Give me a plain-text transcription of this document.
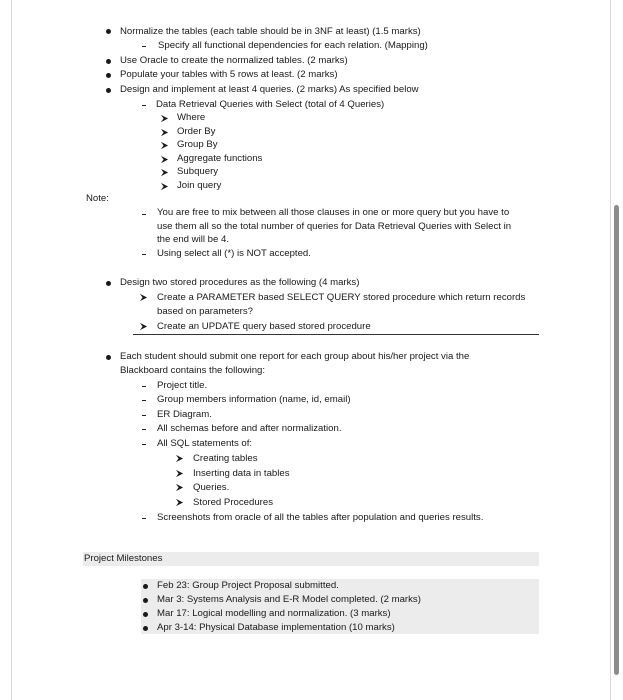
Normalize the tables (each table should be in 3NF at least) (1.5 marks)
Specify all functional dependencies for each relation. (Mapping)
Use Oracle to create the normalized tables. (2 marks)
Populate your tables with 5 rows at least. (2 marks)
Design and implement at least 4 queries. (2 marks) As specified below
Data Retrieval Queries with Select (total of 4 Queries)
Where
Order By
Group By
Aggregate functions
Subquery
Join query
Note:
You are free to mix between all those clauses in one or more query but you have to
use them all so the total number of queries for Data Retrieval Queries with Select in
the end will be 4.
Using select all (*) is NOT accepted.
Design two stored procedures as the following (4 marks)
Create a PARAMETER based SELECT QUERY stored procedure which return records
based on parameters?
Create an UPDATE query based stored procedure
Each student should submit one report for each group about his/her project via the
Blackboard contains the following:
Project title.
Group members information (name, id, email)
ER Diagram.
All schemas before and after normalization.
All SQL statements of:
Creating tables
Inserting data in tables
Queries.
Stored Procedures
Screenshots from oracle of all the tables after population and queries results.
Project Milestones
Feb 23: Group Project Proposal submitted.
Mar 3: Systems Analysis and E-R Model completed. (2 marks)
Mar 17: Logical modelling and normalization. (3 marks)
Apr 3-14: Physical Database implementation (10 marks)
